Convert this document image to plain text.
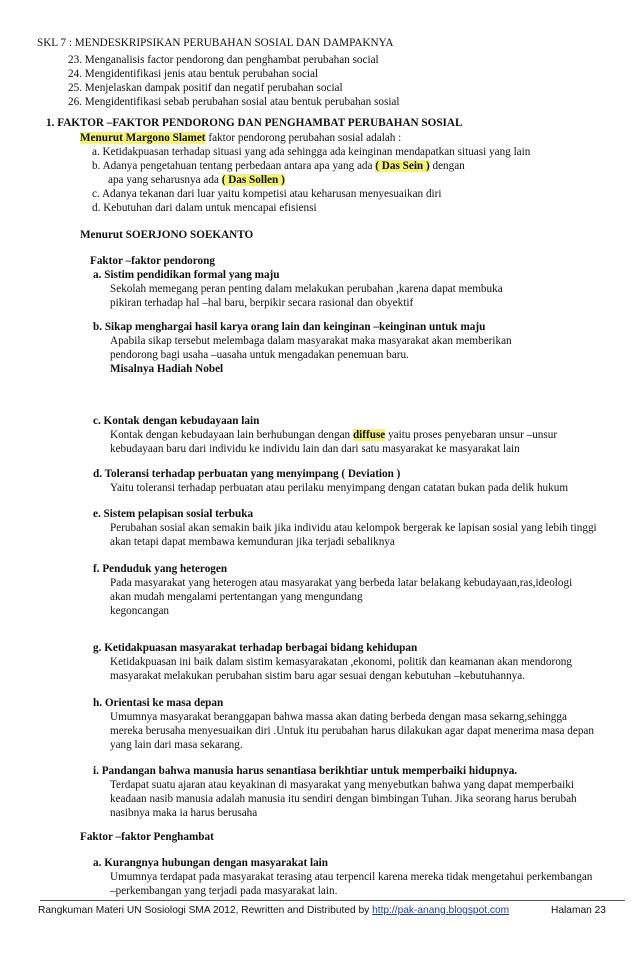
SKL 7 : MENDESKRIPSIKAN PERUBAHAN SOSIAL DAN DAMPAKNYA
23. Menganalisis factor pendorong dan penghambat perubahan social
24. Mengidentifikasi jenis atau bentuk perubahan social
25. Menjelaskan dampak positif dan negatif perubahan social
26. Mengidentifikasi sebab perubahan sosial atau bentuk perubahan sosial
1. FAKTOR –FAKTOR PENDORONG DAN PENGHAMBAT PERUBAHAN SOSIAL
Menurut Margono Slamet faktor pendorong perubahan sosial adalah :
a. Ketidakpuasan terhadap situasi yang ada sehingga ada keinginan mendapatkan situasi yang lain
b. Adanya pengetahuan tentang perbedaan antara apa yang ada ( Das Sein ) dengan
apa yang seharusnya ada ( Das Sollen )
c. Adanya tekanan dari luar yaitu kompetisi atau keharusan menyesuaikan diri
d. Kebutuhan dari dalam untuk mencapai efisiensi
Menurut SOERJONO SOEKANTO
Faktor –faktor pendorong
a. Sistim pendidikan formal yang maju
Sekolah memegang peran penting dalam melakukan perubahan ,karena dapat membuka
pikiran terhadap hal –hal baru, berpikir secara rasional dan obyektif
b. Sikap menghargai hasil karya orang lain dan keinginan –keinginan untuk maju
Apabila sikap tersebut melembaga dalam masyarakat maka masyarakat akan memberikan
pendorong bagi usaha –uasaha untuk mengadakan penemuan baru.
Misalnya Hadiah Nobel
c. Kontak dengan kebudayaan lain
Kontak dengan kebudayaan lain berhubungan dengan diffuse yaitu proses penyebaran unsur –unsur
kebudayaan baru dari individu ke individu lain dan dari satu masyarakat ke masyarakat lain
d. Toleransi terhadap perbuatan yang menyimpang ( Deviation )
Yaitu toleransi terhadap perbuatan atau perilaku menyimpang dengan catatan bukan pada delik hukum
e. Sistem pelapisan sosial terbuka
Perubahan sosial akan semakin baik jika individu atau kelompok bergerak ke lapisan sosial yang lebih tinggi
akan tetapi dapat membawa kemunduran jika terjadi sebaliknya
f. Penduduk yang heterogen
Pada masyarakat yang heterogen atau masyarakat yang berbeda latar belakang kebudayaan,ras,ideologi
akan mudah mengalami pertentangan yang mengundang
kegoncangan
g. Ketidakpuasan masyarakat terhadap berbagai bidang kehidupan
Ketidakpuasan ini baik dalam sistim kemasyarakatan ,ekonomi, politik dan keamanan akan mendorong
masyarakat melakukan perubahan sistim baru agar sesuai dengan kebutuhan –kebutuhannya.
h. Orientasi ke masa depan
Umumnya masyarakat beranggapan bahwa massa akan dating berbeda dengan masa sekarng,sehingga
mereka berusaha menyesuaikan diri .Untuk itu perubahan harus dilakukan agar dapat menerima masa depan
yang lain dari masa sekarang.
i. Pandangan bahwa manusia harus senantiasa berikhtiar untuk memperbaiki hidupnya.
Terdapat suatu ajaran atau keyakinan di masyarakat yang menyebutkan bahwa yang dapat memperbaiki
keadaan nasib manusia adalah manusia itu sendiri dengan bimbingan Tuhan. Jika seorang harus berubah
nasibnya maka ia harus berusaha
Faktor –faktor Penghambat
a. Kurangnya hubungan dengan masyarakat lain
Umumnya terdapat pada masyarakat terasing atau terpencil karena mereka tidak mengetahui perkembangan
–perkembangan yang terjadi pada masyarakat lain.
Rangkuman Materi UN Sosiologi SMA 2012, Rewritten and Distributed by http://pak-anang.blogspot.com	Halaman 23
